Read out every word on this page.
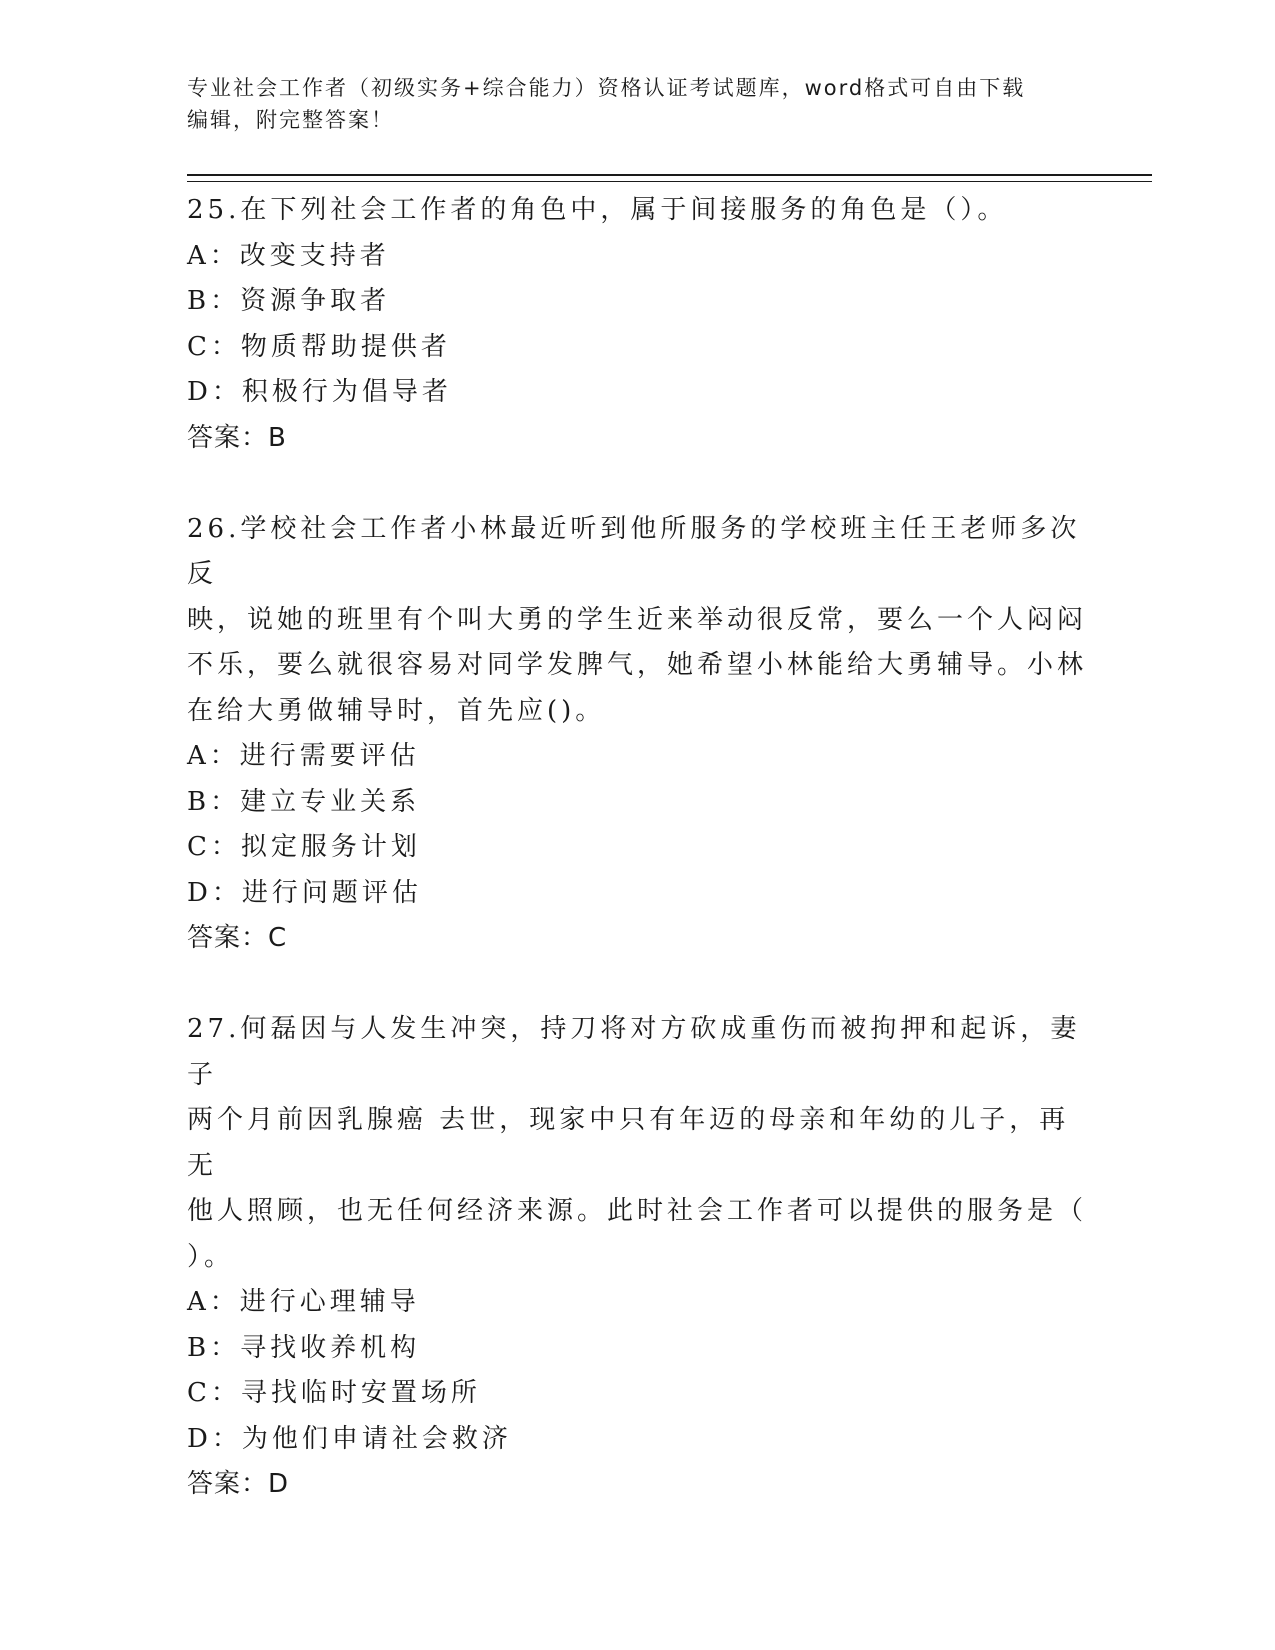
专业社会工作者（初级实务+综合能力）资格认证考试题库，word格式可自由下载
编辑，附完整答案！
25.在下列社会工作者的角色中，属于间接服务的角色是（）。
A：改变支持者
B：资源争取者
C：物质帮助提供者
D：积极行为倡导者
答案：B
26.学校社会工作者小林最近听到他所服务的学校班主任王老师多次反
映，说她的班里有个叫大勇的学生近来举动很反常，要么一个人闷闷
不乐，要么就很容易对同学发脾气，她希望小林能给大勇辅导。小林
在给大勇做辅导时，首先应()。
A：进行需要评估
B：建立专业关系
C：拟定服务计划
D：进行问题评估
答案：C
27.何磊因与人发生冲突，持刀将对方砍成重伤而被拘押和起诉，妻子
两个月前因乳腺癌 去世，现家中只有年迈的母亲和年幼的儿子，再无
他人照顾，也无任何经济来源。此时社会工作者可以提供的服务是（
）。
A：进行心理辅导
B：寻找收养机构
C：寻找临时安置场所
D：为他们申请社会救济
答案：D
